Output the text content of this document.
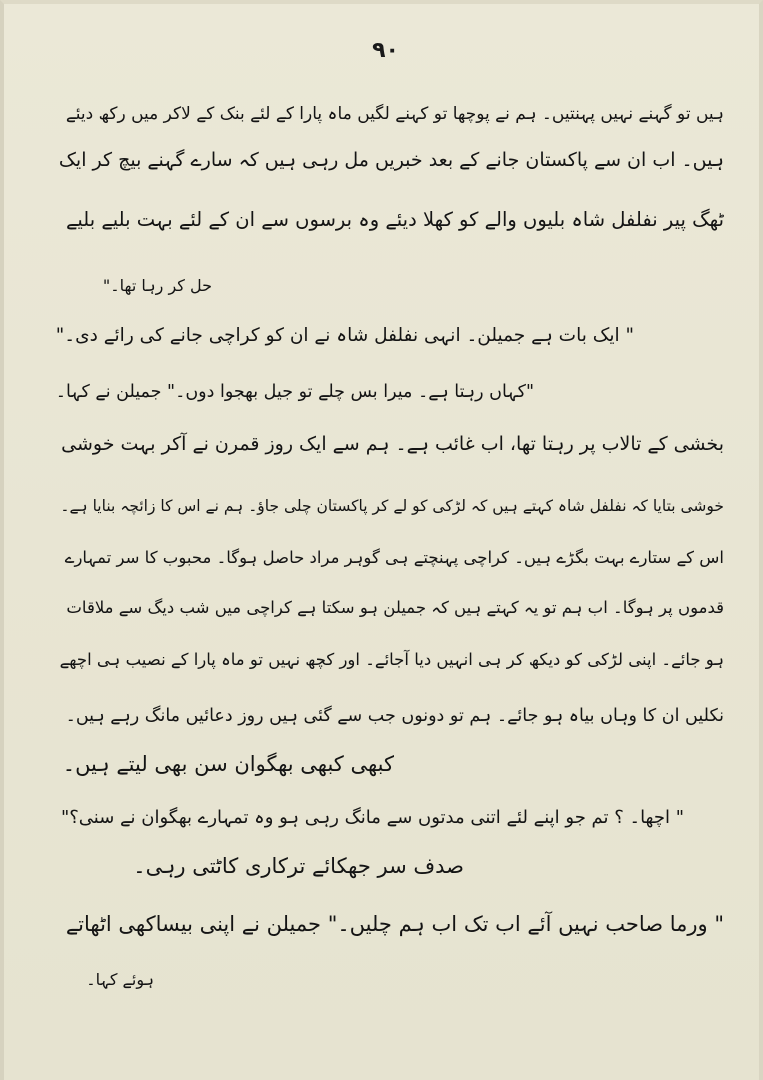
۹۰
ہیں تو گہنے نہیں پہنتیں۔ ہم نے پوچھا تو کہنے لگیں ماہ پارا کے لئے بنک کے لاکر میں رکھ دیئے
ہیں۔ اب ان سے پاکستان جانے کے بعد خبریں مل رہی ہیں کہ سارے گہنے بیچ کر ایک
ٹھگ پیر نفلفل شاہ بلیوں والے کو کھلا دیئے وہ برسوں سے ان کے لئے بہت بلیے بلیے
حل کر رہا تھا۔"
" ایک بات ہے جمیلن۔ انہی نفلفل شاہ نے ان کو کراچی جانے کی رائے دی۔"
"کہاں رہتا ہے۔ میرا بس چلے تو جیل بھجوا دوں۔" جمیلن نے کہا۔
بخشی کے تالاب پر رہتا تھا، اب غائب ہے۔ ہم سے ایک روز قمرن نے آکر بہت خوشی
خوشی بتایا کہ نفلفل شاہ کہتے ہیں کہ لڑکی کو لے کر پاکستان چلی جاؤ۔ ہم نے اس کا زائچہ بنایا ہے۔
اس کے ستارے بہت بگڑے ہیں۔ کراچی پہنچتے ہی گوہر مراد حاصل ہوگا۔ محبوب کا سر تمہارے
قدموں پر ہوگا۔ اب ہم تو یہ کہتے ہیں کہ جمیلن ہو سکتا ہے کراچی میں شب دیگ سے ملاقات
ہو جائے۔ اپنی لڑکی کو دیکھ کر ہی انہیں دیا آجائے۔ اور کچھ نہیں تو ماہ پارا کے نصیب ہی اچھے
نکلیں ان کا وہاں بیاہ ہو جائے۔ ہم تو دونوں جب سے گئی ہیں روز دعائیں مانگ رہے ہیں۔
کبھی کبھی بھگوان سن بھی لیتے ہیں۔
" اچھا۔ ؟ تم جو اپنے لئے اتنی مدتوں سے مانگ رہی ہو وہ تمہارے بھگوان نے سنی؟"
صدف سر جھکائے ترکاری کاٹتی رہی۔
" ورما صاحب نہیں آئے اب تک اب ہم چلیں۔" جمیلن نے اپنی بیساکھی اٹھاتے
ہوئے کہا۔
